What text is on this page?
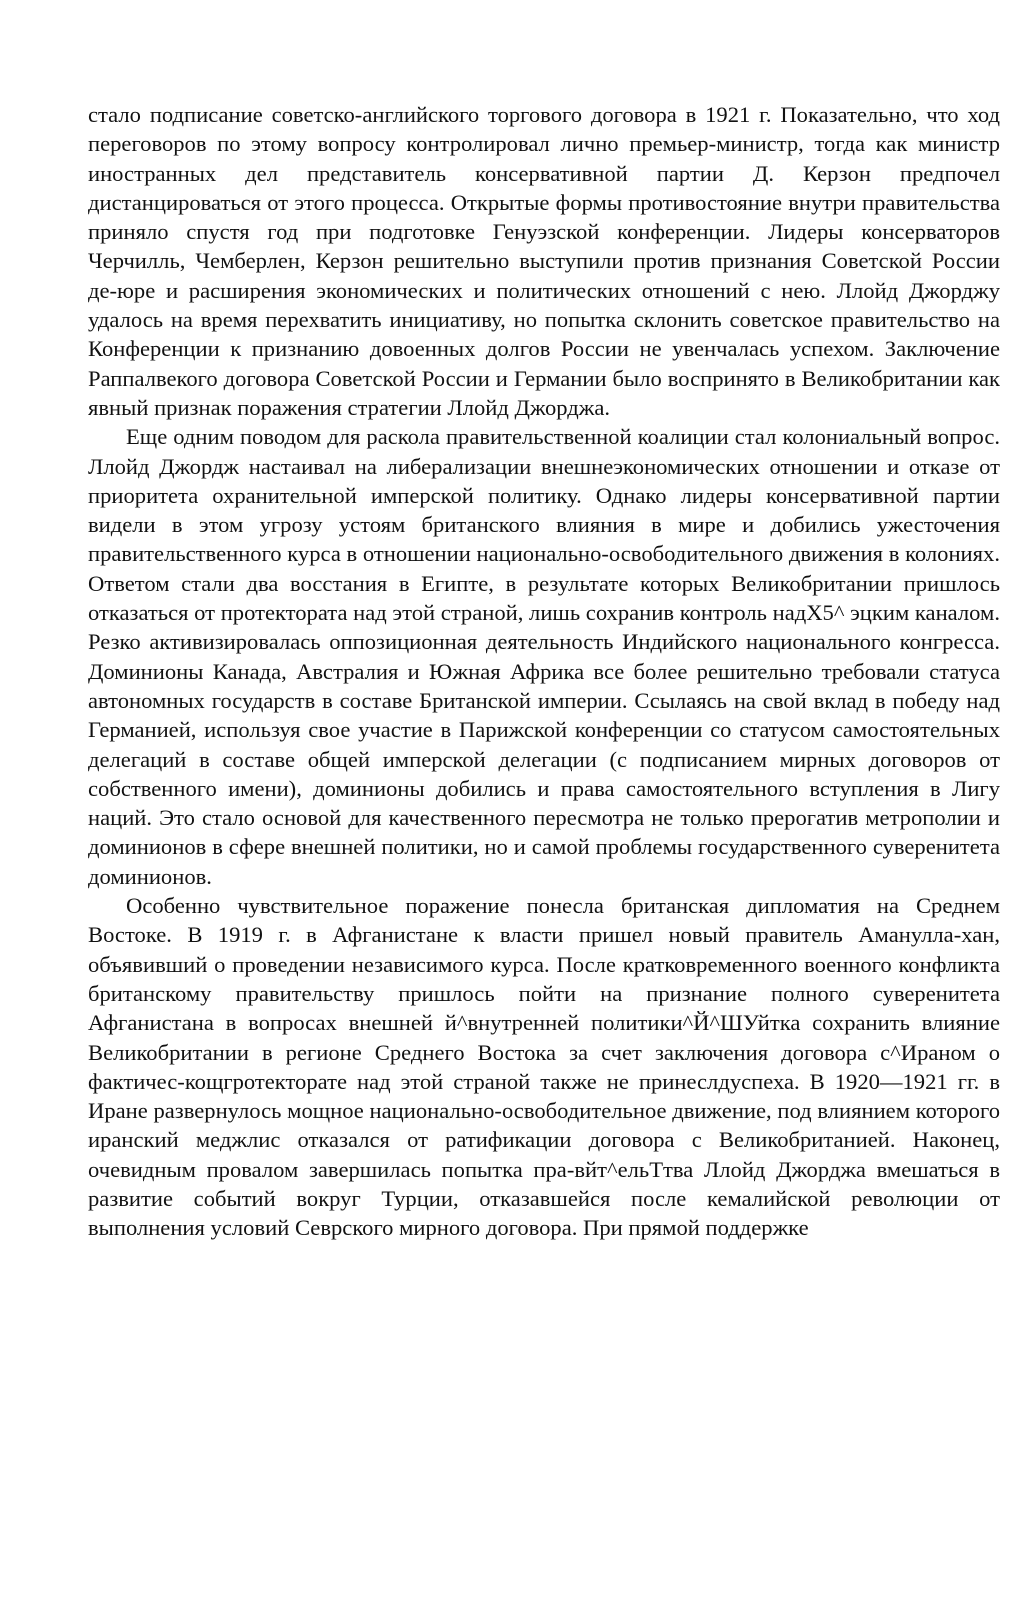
стало подписание советско-английского торгового договора в 1921 г. Показательно, что ход переговоров по этому вопросу контролировал лично премьер-министр, тогда как министр иностранных дел представитель консервативной партии Д. Керзон предпочел дистанцироваться от этого процесса. Открытые формы противостояние внутри правительства приняло спустя год при подготовке Генуэзской конференции. Лидеры консерваторов Черчилль, Чемберлен, Керзон решительно выступили против признания Советской России де-юре и расширения экономических и политических отношений с нею. Ллойд Джорджу удалось на время перехватить инициативу, но попытка склонить советское правительство на Конференции к признанию довоенных долгов России не увенчалась успехом. Заключение Раппалвекого договора Советской России и Германии было воспринято в Великобритании как явный признак поражения стратегии Ллойд Джорджа.

Еще одним поводом для раскола правительственной коалиции стал колониальный вопрос. Ллойд Джордж настаивал на либерализации внешнеэкономических отношении и отказе от приоритета охранительной имперской политику. Однако лидеры консервативной партии видели в этом угрозу устоям британского влияния в мире и добились ужесточения правительственного курса в отношении национально-освободительного движения в колониях. Ответом стали два восстания в Египте, в результате которых Великобритании пришлось отказаться от протектората над этой страной, лишь сохранив контроль надХ5^ эцким каналом. Резко активизировалась оппозиционная деятельность Индийского национального конгресса. Доминионы Канада, Австралия и Южная Африка все более решительно требовали статуса автономных государств в составе Британской империи. Ссылаясь на свой вклад в победу над Германией, используя свое участие в Парижской конференции со статусом самостоятельных делегаций в составе общей имперской делегации (с подписанием мирных договоров от собственного имени), доминионы добились и права самостоятельного вступления в Лигу наций. Это стало основой для качественного пересмотра не только прерогатив метрополии и доминионов в сфере внешней политики, но и самой проблемы государственного суверенитета доминионов.

Особенно чувствительное поражение понесла британская дипломатия на Среднем Востоке. В 1919 г. в Афганистане к власти пришел новый правитель Аманулла-хан, объявивший о проведении независимого курса. После кратковременного военного конфликта британскому правительству пришлось пойти на признание полного суверенитета Афганистана в вопросах внешней й^внутренней политики^Й^ШУйтка сохранить влияние Великобритании в регионе Среднего Востока за счет заключения договора с^Ираном о фактичес-кощгротекторате над этой страной также не принеслдуспеха. В 1920—1921 гг. в Иране развернулось мощное национально-освободительное движение, под влиянием которого иранский меджлис отказался от ратификации договора с Великобританией. Наконец, очевидным провалом завершилась попытка пра-вйт^ельТтва Ллойд Джорджа вмешаться в развитие событий вокруг Турции, отказавшейся после кемалийской революции от выполнения условий Севрского мирного договора. При прямой поддержке
